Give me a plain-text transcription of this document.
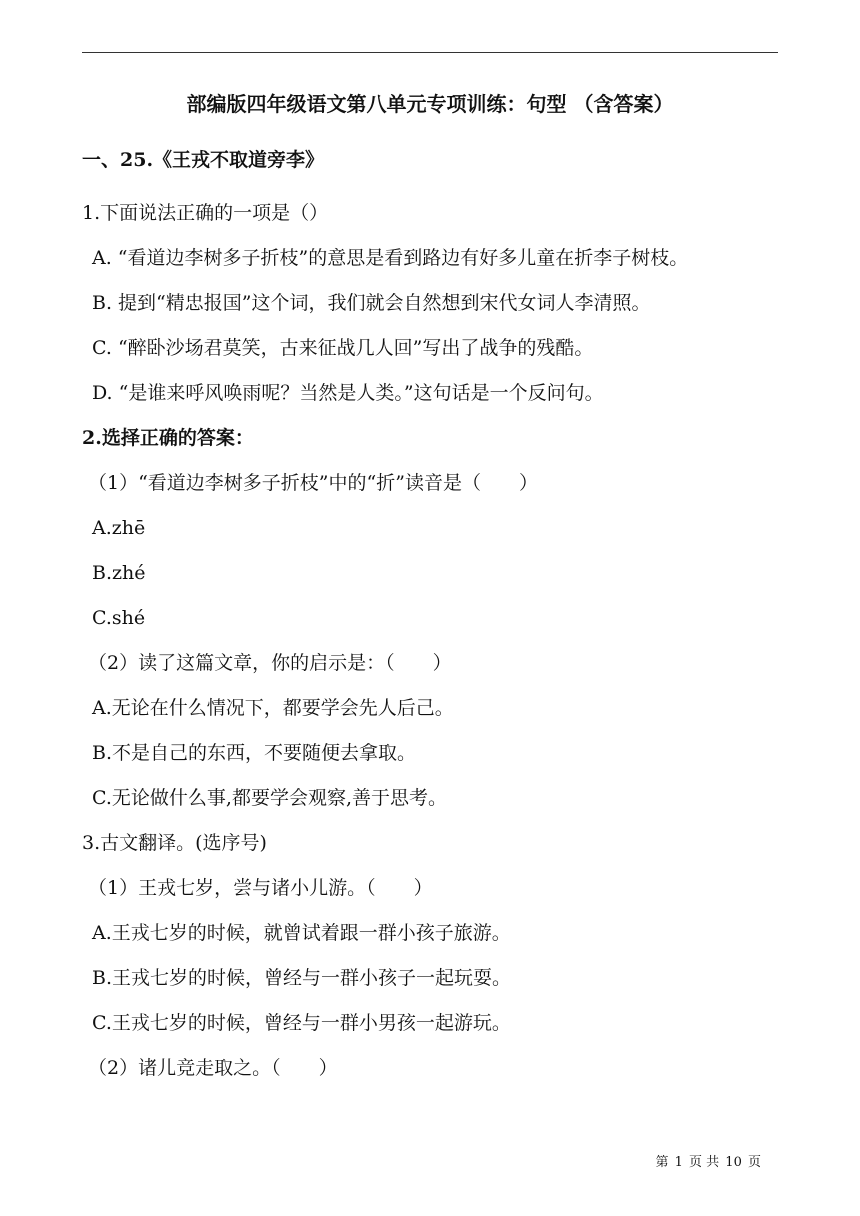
部编版四年级语文第八单元专项训练：句型 （含答案）
一、25.《王戎不取道旁李》
1.下面说法正确的一项是（）
A. “看道边李树多子折枝”的意思是看到路边有好多儿童在折李子树枝。
B. 提到“精忠报国”这个词，我们就会自然想到宋代女词人李清照。
C. “醉卧沙场君莫笑，古来征战几人回”写出了战争的残酷。
D. “是谁来呼风唤雨呢？当然是人类。”这句话是一个反问句。
2.选择正确的答案：
（1）“看道边李树多子折枝”中的“折”读音是（　　）
A.zhē
B.zhé
C.shé
（2）读了这篇文章，你的启示是：（　　）
A.无论在什么情况下，都要学会先人后己。
B.不是自己的东西，不要随便去拿取。
C.无论做什么事,都要学会观察,善于思考。
3.古文翻译。(选序号)
（1）王戎七岁，尝与诸小儿游。（　　）
A.王戎七岁的时候，就曾试着跟一群小孩子旅游。
B.王戎七岁的时候，曾经与一群小孩子一起玩耍。
C.王戎七岁的时候，曾经与一群小男孩一起游玩。
（2）诸儿竞走取之。（　　）
第 1 页 共 10 页
